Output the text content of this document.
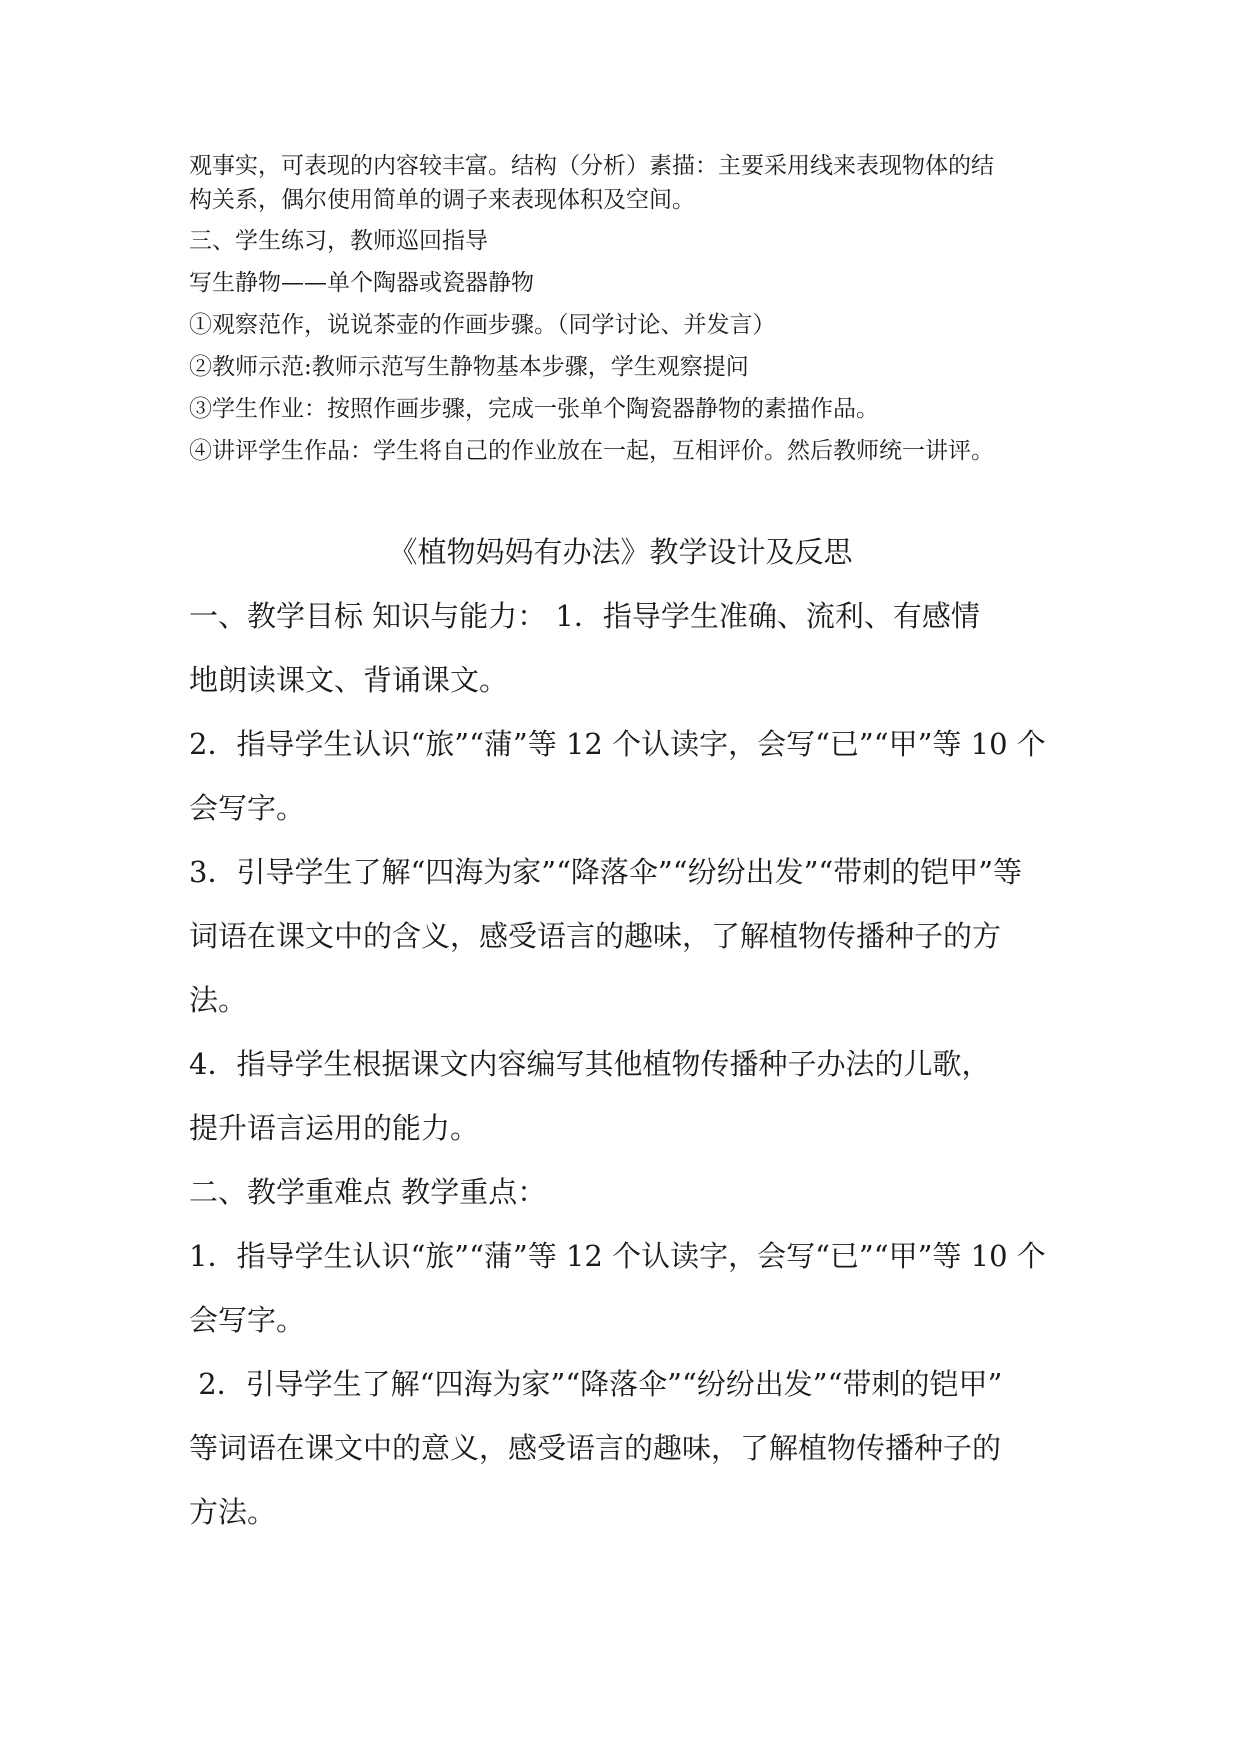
观事实，可表现的内容较丰富。结构（分析）素描：主要采用线来表现物体的结
构关系，偶尔使用简单的调子来表现体积及空间。
三、学生练习，教师巡回指导
写生静物——单个陶器或瓷器静物
①观察范作，说说茶壶的作画步骤。（同学讨论、并发言）
②教师示范:教师示范写生静物基本步骤，学生观察提问
③学生作业：按照作画步骤，完成一张单个陶瓷器静物的素描作品。
④讲评学生作品：学生将自己的作业放在一起，互相评价。然后教师统一讲评。
《植物妈妈有办法》教学设计及反思
一、教学目标 知识与能力： 1．指导学生准确、流利、有感情
地朗读课文、背诵课文。
2．指导学生认识“旅”“蒲”等 12 个认读字，会写“已”“甲”等 10 个
会写字。
3．引导学生了解“四海为家”“降落伞”“纷纷出发”“带刺的铠甲”等
词语在课文中的含义，感受语言的趣味，了解植物传播种子的方
法。
4．指导学生根据课文内容编写其他植物传播种子办法的儿歌，
提升语言运用的能力。
二、教学重难点 教学重点：
1．指导学生认识“旅”“蒲”等 12 个认读字，会写“已”“甲”等 10 个
会写字。
2．引导学生了解“四海为家”“降落伞”“纷纷出发”“带刺的铠甲”
等词语在课文中的意义，感受语言的趣味，了解植物传播种子的
方法。
